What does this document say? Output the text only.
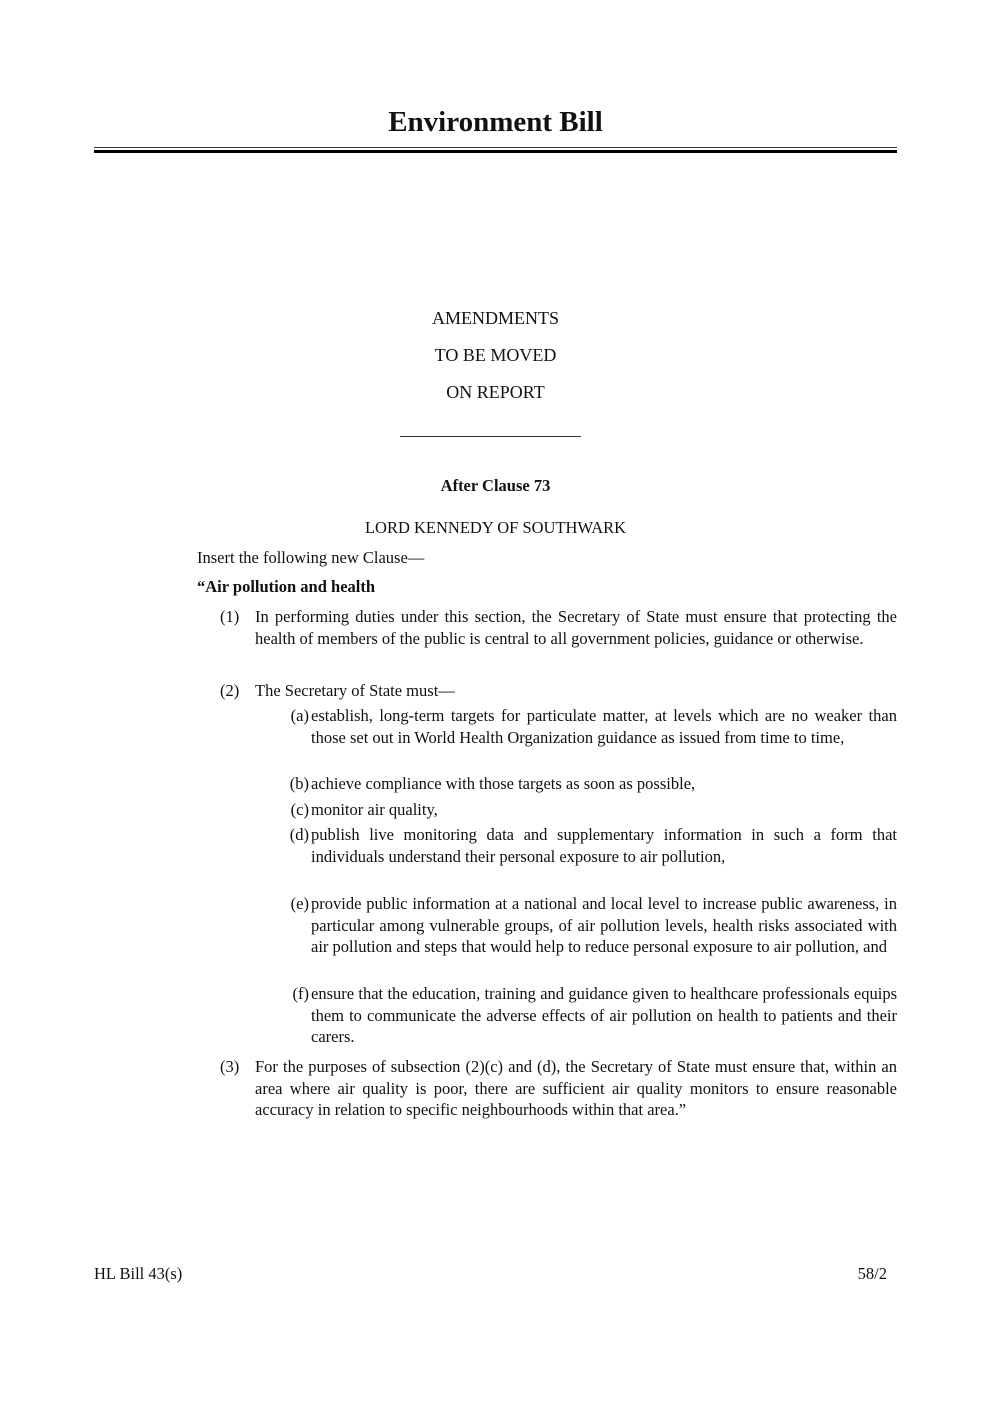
Environment Bill
AMENDMENTS
TO BE MOVED
ON REPORT
After Clause 73
LORD KENNEDY OF SOUTHWARK
Insert the following new Clause—
“Air pollution and health
(1) In performing duties under this section, the Secretary of State must ensure that protecting the health of members of the public is central to all government policies, guidance or otherwise.
(2) The Secretary of State must—
(a) establish, long-term targets for particulate matter, at levels which are no weaker than those set out in World Health Organization guidance as issued from time to time,
(b) achieve compliance with those targets as soon as possible,
(c) monitor air quality,
(d) publish live monitoring data and supplementary information in such a form that individuals understand their personal exposure to air pollution,
(e) provide public information at a national and local level to increase public awareness, in particular among vulnerable groups, of air pollution levels, health risks associated with air pollution and steps that would help to reduce personal exposure to air pollution, and
(f) ensure that the education, training and guidance given to healthcare professionals equips them to communicate the adverse effects of air pollution on health to patients and their carers.
(3) For the purposes of subsection (2)(c) and (d), the Secretary of State must ensure that, within an area where air quality is poor, there are sufficient air quality monitors to ensure reasonable accuracy in relation to specific neighbourhoods within that area.”
HL Bill 43(s)	58/2
